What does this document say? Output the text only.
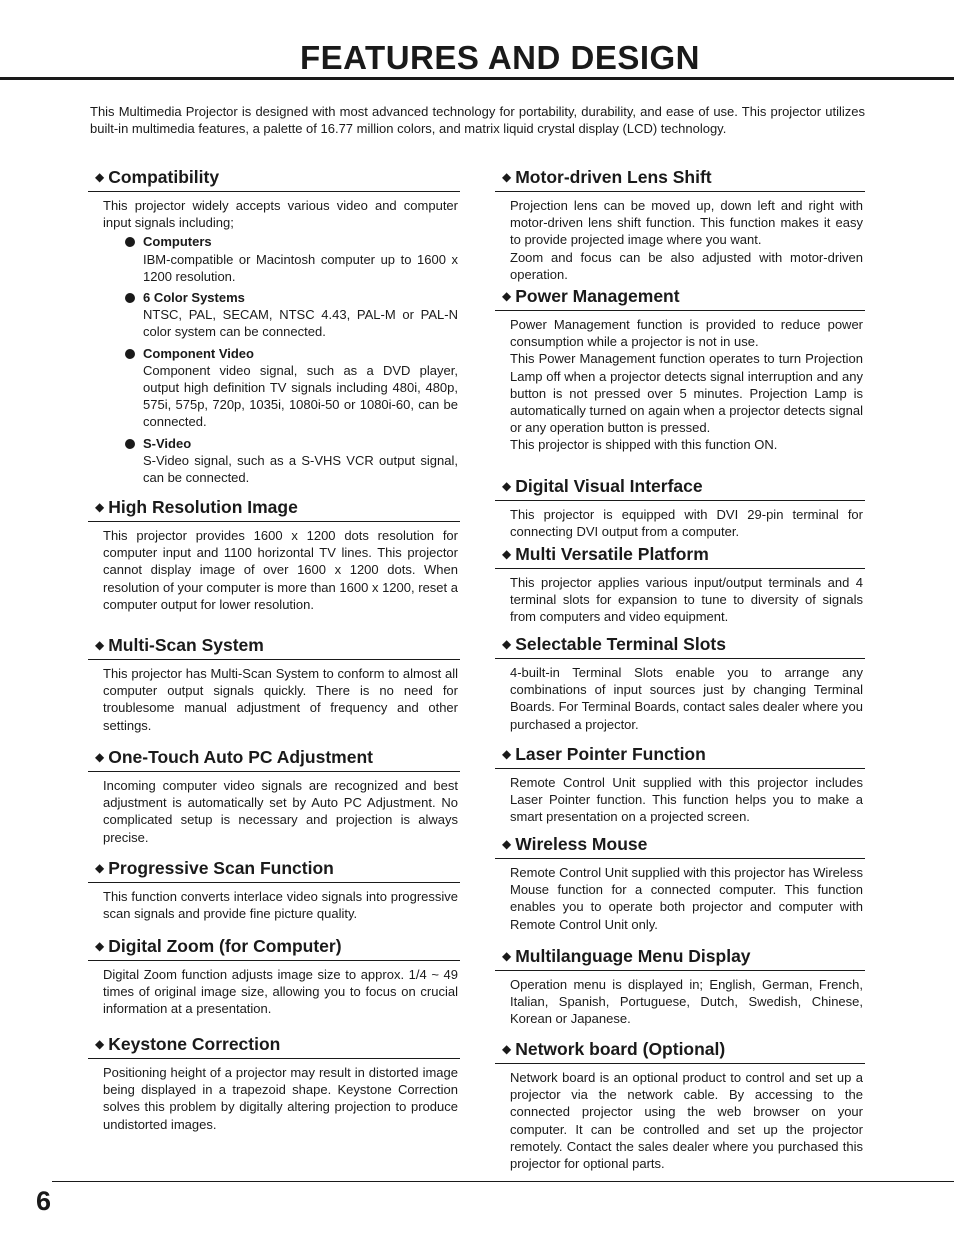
FEATURES AND DESIGN
This Multimedia Projector is designed with most advanced technology for portability, durability, and ease of use. This projector utilizes built-in multimedia features, a palette of 16.77 million colors, and matrix liquid crystal display (LCD) technology.
◆ Compatibility

This projector widely accepts various video and computer input signals including;

Computers
IBM-compatible or Macintosh computer up to 1600 x 1200 resolution.
6 Color Systems
NTSC, PAL, SECAM, NTSC 4.43, PAL-M or PAL-N color system can be connected.
Component Video
Component video signal, such as a DVD player, output high definition TV signals including 480i, 480p, 575i, 575p, 720p, 1035i, 1080i-50 or 1080i-60, can be connected.
S-Video
S-Video signal, such as a S-VHS VCR output signal, can be connected.
◆ High Resolution Image

This projector provides 1600 x 1200 dots resolution for computer input and 1100 horizontal TV lines. This projector cannot display image of over 1600 x 1200 dots. When resolution of your computer is more than 1600 x 1200, reset a computer output for lower resolution.

◆ Multi-Scan System

This projector has Multi-Scan System to conform to almost all computer output signals quickly. There is no need for troublesome manual adjustment of frequency and other settings.

◆ One-Touch Auto PC Adjustment

Incoming computer video signals are recognized and best adjustment is automatically set by Auto PC Adjustment. No complicated setup is necessary and projection is always precise.

◆ Progressive Scan Function

This function converts interlace video signals into progressive scan signals and provide fine picture quality.

◆ Digital Zoom (for Computer)

Digital Zoom function adjusts image size to approx. 1/4 ~ 49 times of original image size, allowing you to focus on crucial information at a presentation.

◆ Keystone Correction

Positioning height of a projector may result in distorted image being displayed in a trapezoid shape. Keystone Correction solves this problem by digitally altering projection to produce undistorted images.

◆ Motor-driven Lens Shift

Projection lens can be moved up, down left and right with motor-driven lens shift function. This function makes it easy to provide projected image where you want.

Zoom and focus can be also adjusted with motor-driven operation.

◆ Power Management

Power Management function is provided to reduce power consumption while a projector is not in use.

This Power Management function operates to turn Projection Lamp off when a projector detects signal interruption and any button is not pressed over 5 minutes. Projection Lamp is automatically turned on again when a projector detects signal or any operation button is pressed.

This projector is shipped with this function ON.

◆ Digital Visual Interface

This projector is equipped with DVI 29-pin terminal for connecting DVI output from a computer.

◆ Multi Versatile Platform

This projector applies various input/output terminals and 4 terminal slots for expansion to tune to diversity of signals from computers and video equipment.

◆ Selectable Terminal Slots

4-built-in Terminal Slots enable you to arrange any combinations of input sources just by changing Terminal Boards. For Terminal Boards, contact sales dealer where you purchased a projector.

◆ Laser Pointer Function

Remote Control Unit supplied with this projector includes Laser Pointer function. This function helps you to make a smart presentation on a projected screen.

◆ Wireless Mouse

Remote Control Unit supplied with this projector has Wireless Mouse function for a connected computer. This function enables you to operate both projector and computer with Remote Control Unit only.

◆ Multilanguage Menu Display

Operation menu is displayed in; English, German, French, Italian, Spanish, Portuguese, Dutch, Swedish, Chinese, Korean or Japanese.

◆ Network board (Optional)

Network board is an optional product to control and set up a projector via the network cable. By accessing to the connected projector using the web browser on your computer. It can be controlled and set up the projector remotely. Contact the sales dealer where you purchased this projector for optional parts.

6
